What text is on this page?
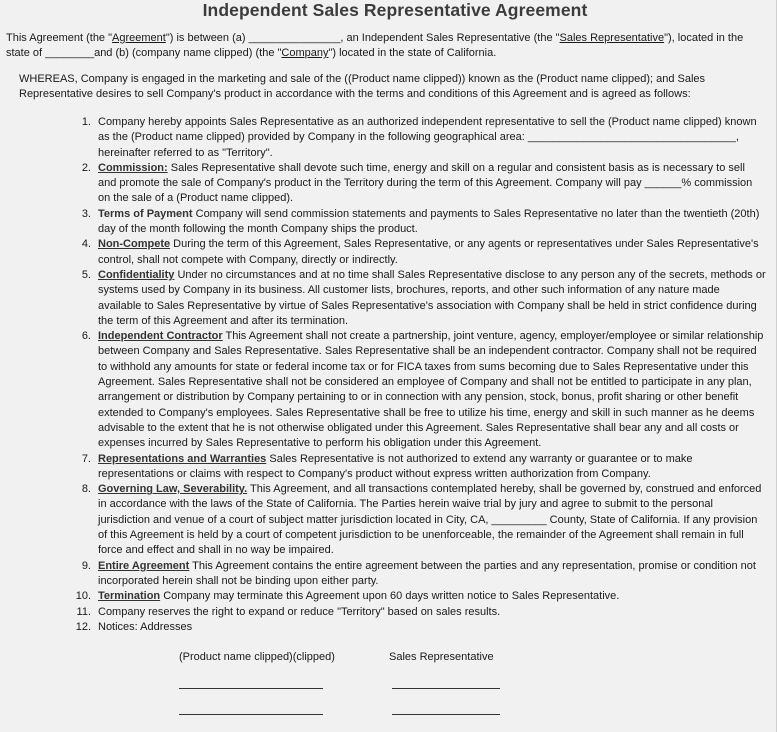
Independent Sales Representative Agreement
This Agreement (the "Agreement") is between (a) _______________, an Independent Sales Representative (the "Sales Representative"), located in the state of ________and (b) (company name clipped) (the "Company") located in the state of California.
WHEREAS, Company is engaged in the marketing and sale of the ((Product name clipped)) known as the (Product name clipped); and Sales Representative desires to sell Company's product in accordance with the terms and conditions of this Agreement and is agreed as follows:
1. Company hereby appoints Sales Representative as an authorized independent representative to sell the (Product name clipped) known as the (Product name clipped) provided by Company in the following geographical area: __________________________________, hereinafter referred to as "Territory".
2. Commission: Sales Representative shall devote such time, energy and skill on a regular and consistent basis as is necessary to sell and promote the sale of Company's product in the Territory during the term of this Agreement. Company will pay ______% commission on the sale of a (Product name clipped).
3. Terms of Payment Company will send commission statements and payments to Sales Representative no later than the twentieth (20th) day of the month following the month Company ships the product.
4. Non-Compete During the term of this Agreement, Sales Representative, or any agents or representatives under Sales Representative's control, shall not compete with Company, directly or indirectly.
5. Confidentiality Under no circumstances and at no time shall Sales Representative disclose to any person any of the secrets, methods or systems used by Company in its business. All customer lists, brochures, reports, and other such information of any nature made available to Sales Representative by virtue of Sales Representative's association with Company shall be held in strict confidence during the term of this Agreement and after its termination.
6. Independent Contractor This Agreement shall not create a partnership, joint venture, agency, employer/employee or similar relationship between Company and Sales Representative. Sales Representative shall be an independent contractor. Company shall not be required to withhold any amounts for state or federal income tax or for FICA taxes from sums becoming due to Sales Representative under this Agreement. Sales Representative shall not be considered an employee of Company and shall not be entitled to participate in any plan, arrangement or distribution by Company pertaining to or in connection with any pension, stock, bonus, profit sharing or other benefit extended to Company's employees. Sales Representative shall be free to utilize his time, energy and skill in such manner as he deems advisable to the extent that he is not otherwise obligated under this Agreement. Sales Representative shall bear any and all costs or expenses incurred by Sales Representative to perform his obligation under this Agreement.
7. Representations and Warranties Sales Representative is not authorized to extend any warranty or guarantee or to make representations or claims with respect to Company's product without express written authorization from Company.
8. Governing Law, Severability. This Agreement, and all transactions contemplated hereby, shall be governed by, construed and enforced in accordance with the laws of the State of California. The Parties herein waive trial by jury and agree to submit to the personal jurisdiction and venue of a court of subject matter jurisdiction located in City, CA, _________ County, State of California. If any provision of this Agreement is held by a court of competent jurisdiction to be unenforceable, the remainder of the Agreement shall remain in full force and effect and shall in no way be impaired.
9. Entire Agreement This Agreement contains the entire agreement between the parties and any representation, promise or condition not incorporated herein shall not be binding upon either party.
10. Termination Company may terminate this Agreement upon 60 days written notice to Sales Representative.
11. Company reserves the right to expand or reduce "Territory" based on sales results.
12. Notices: Addresses
(Product name clipped)(clipped)	Sales Representative
